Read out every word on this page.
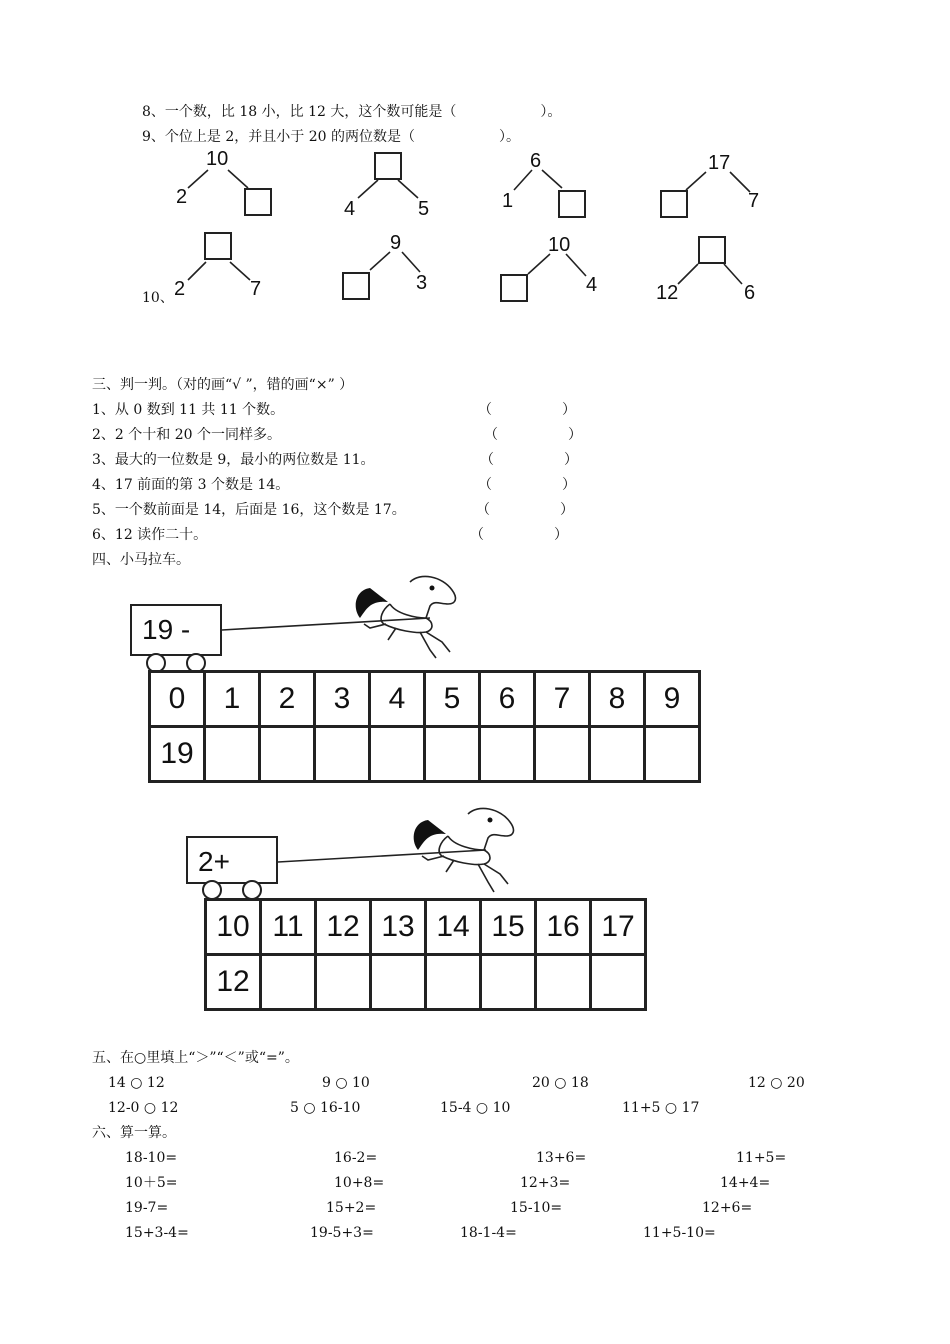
8、一个数，比 18 小，比 12 大，这个数可能是（　　　　　　）。
9、个位上是 2，并且小于 20 的两位数是（　　　　　　）。
10
2
4	5
6
1
17
7
10、 2	7
9
3
10
4	12	6
三、判一判。（对的画“√ ”，错的画“×” ）
1、从 0 数到 11 共 11 个数。	（　　　　　）
2、2 个十和 20 个一同样多。	（　　　　　）
3、最大的一位数是 9，最小的两位数是 11。	（　　　　　）
4、17 前面的第 3 个数是 14。	（　　　　　）
5、一个数前面是 14，后面是 16，这个数是 17。	（　　　　　）
6、12 读作二十。	（　　　　　）
四、小马拉车。
19 -
0	1	2	3	4	5	6	7	8	9
19									
2+
10	11	12	13	14	15	16	17
12							
五、在○里填上“＞”“＜”或“=”。
14 ○ 12	9 ○ 10	20 ○ 18	12 ○ 20
12-0 ○ 12	5 ○ 16-10	15-4 ○ 10	11+5 ○ 17
六、算一算。
18-10=	16-2=	13+6=	11+5=
10＋5=	10+8=	12+3=	14+4=
19-7=	15+2=	15-10=	12+6=
15+3-4=	19-5+3=	18-1-4=	11+5-10=
